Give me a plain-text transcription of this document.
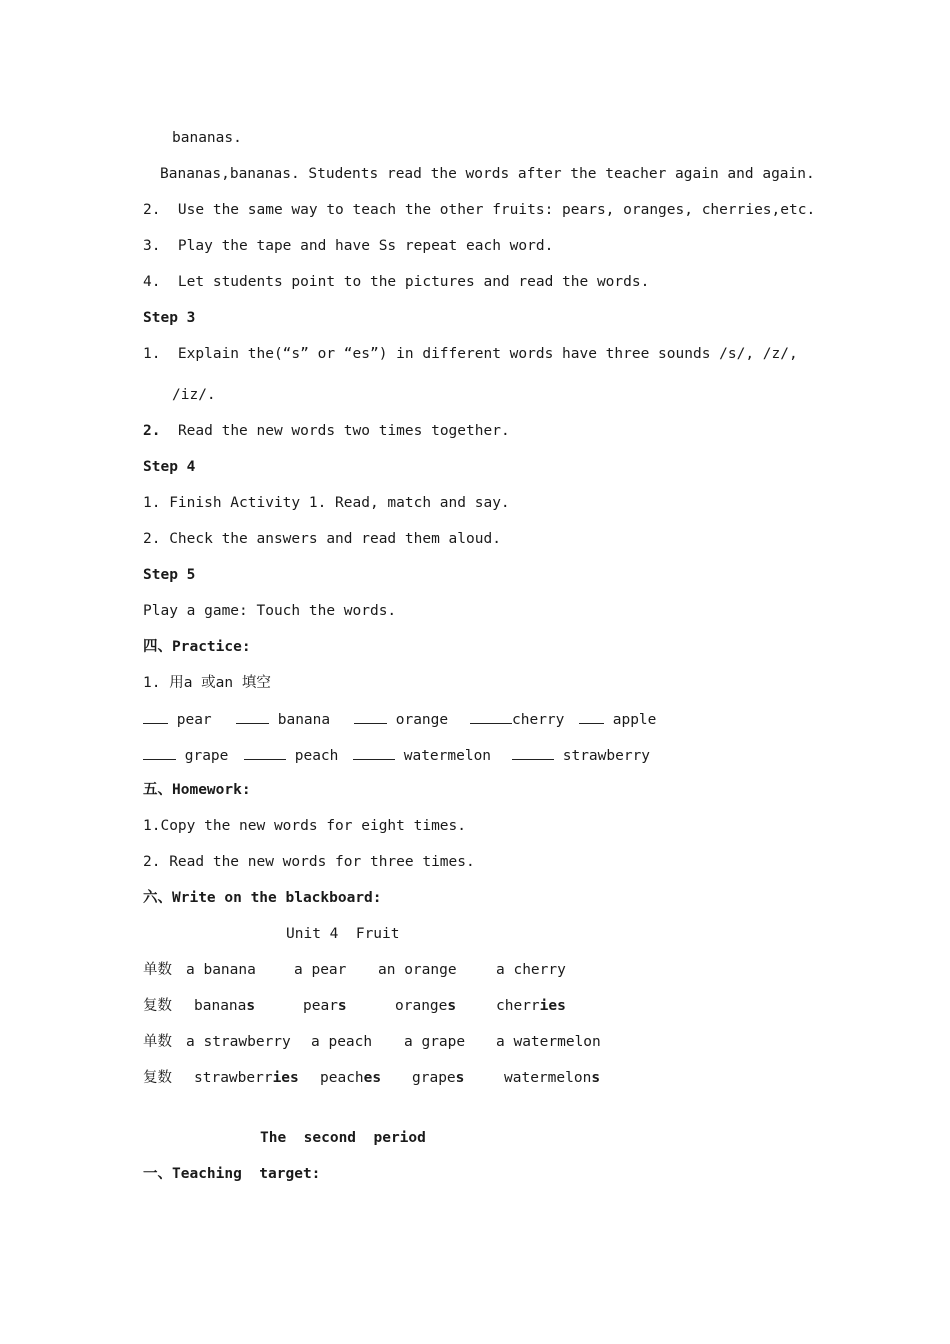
bananas.
Bananas,bananas. Students read the words after the teacher again and again.
2.  Use the same way to teach the other fruits: pears, oranges, cherries,etc.
3.  Play the tape and have Ss repeat each word.
4.  Let students point to the pictures and read the words.
Step 3
1.  Explain the(“s” or “es”) in different words have three sounds /s/, /z/,
/iz/.
2. Read the new words two times together.
Step 4
1. Finish Activity 1. Read, match and say.
2. Check the answers and read them aloud.
Step 5
Play a game: Touch the words.
四、Practice:
1. 用a 或an 填空
pear	banana	orange	cherry	apple
grape	peach	watermelon	strawberry
五、Homework:
1.Copy the new words for eight times.
2. Read the new words for three times.
六、Write on the blackboard:
Unit 4  Fruit
单数 a banana	a pear an orange	a cherry
复数 bananas	pears	oranges	cherries
单数 a strawberry a peach a grape a watermelon
复数 strawberries peaches grapes	watermelons
The  second  period
一、Teaching  target:
